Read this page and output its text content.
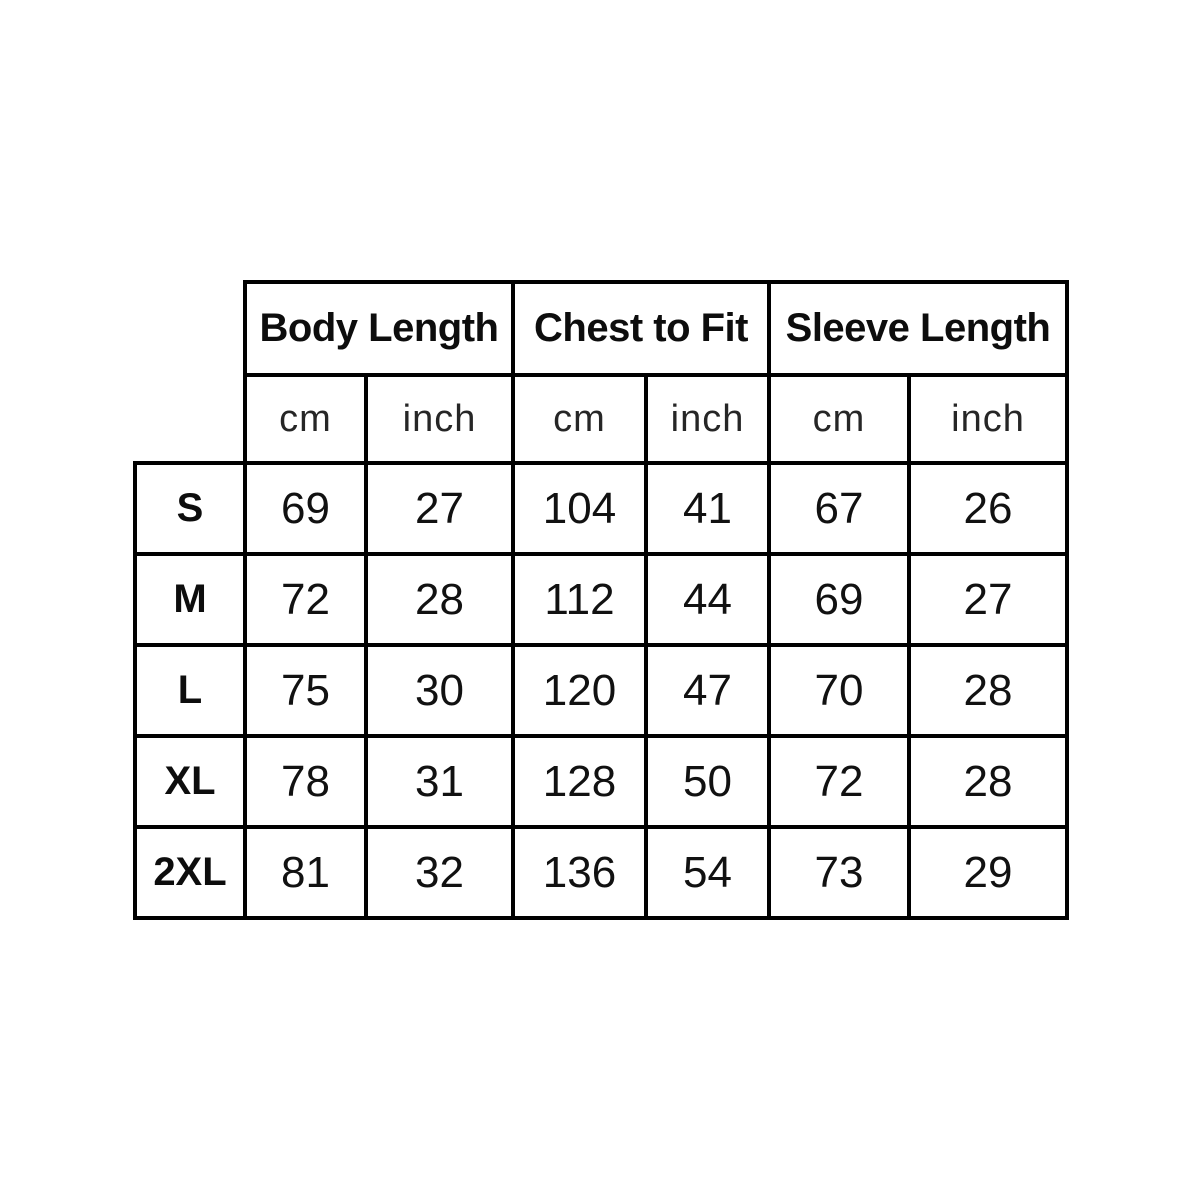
	Body Length		Chest to Fit		Sleeve Length	
	cm	inch	cm	inch	cm	inch
S	69	27	104	41	67	26
M	72	28	112	44	69	27
L	75	30	120	47	70	28
XL	78	31	128	50	72	28
2XL	81	32	136	54	73	29
